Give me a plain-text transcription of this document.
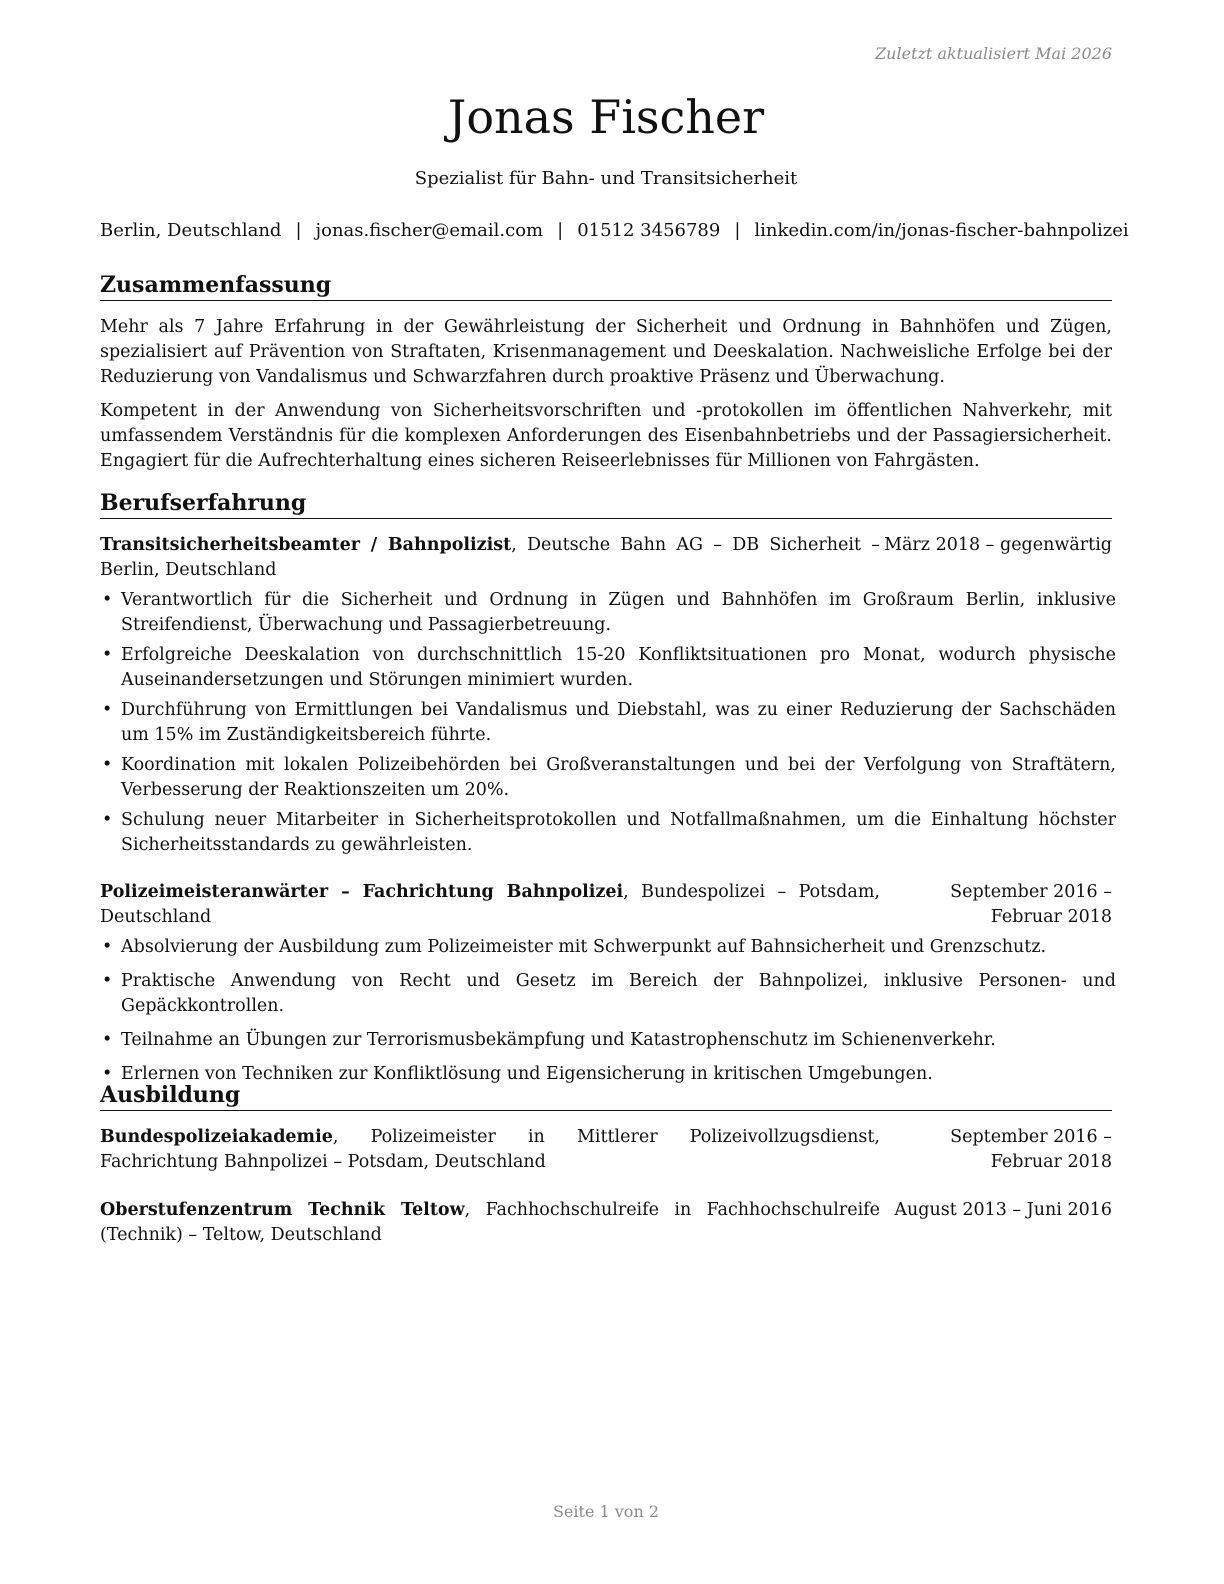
Zuletzt aktualisiert Mai 2026
Jonas Fischer
Spezialist für Bahn- und Transitsicherheit
Berlin, Deutschland | jonas.fischer@email.com | 01512 3456789 | linkedin.com/in/jonas-fischer-bahnpolizei
Zusammenfassung

Mehr als 7 Jahre Erfahrung in der Gewährleistung der Sicherheit und Ordnung in Bahnhöfen und Zügen, spezialisiert auf Prävention von Straftaten, Krisenmanagement und Deeskalation. Nachweisliche Erfolge bei der Reduzierung von Vandalismus und Schwarzfahren durch proaktive Präsenz und Überwachung.

Kompetent in der Anwendung von Sicherheitsvorschriften und -protokollen im öffentlichen Nahverkehr, mit umfassendem Verständnis für die komplexen Anforderungen des Eisenbahnbetriebs und der Passagiersicherheit. Engagiert für die Aufrechterhaltung eines sicheren Reiseerlebnisses für Millionen von Fahrgästen.

Berufserfahrung
Transitsicherheitsbeamter / Bahnpolizist, Deutsche Bahn AG – DB Sicherheit – Berlin, Deutschland
März 2018 – gegenwärtig
• Verantwortlich für die Sicherheit und Ordnung in Zügen und Bahnhöfen im Großraum Berlin, inklusive Streifendienst, Überwachung und Passagierbetreuung.
• Erfolgreiche Deeskalation von durchschnittlich 15-20 Konfliktsituationen pro Monat, wodurch physische Auseinandersetzungen und Störungen minimiert wurden.
• Durchführung von Ermittlungen bei Vandalismus und Diebstahl, was zu einer Reduzierung der Sachschäden um 15% im Zuständigkeitsbereich führte.
• Koordination mit lokalen Polizeibehörden bei Großveranstaltungen und bei der Verfolgung von Straftätern, Verbesserung der Reaktionszeiten um 20%.
• Schulung neuer Mitarbeiter in Sicherheitsprotokollen und Notfallmaßnahmen, um die Einhaltung höchster Sicherheitsstandards zu gewährleisten.
Polizeimeisteranwärter – Fachrichtung Bahnpolizei, Bundespolizei – Potsdam, Deutschland
September 2016 – Februar 2018
• Absolvierung der Ausbildung zum Polizeimeister mit Schwerpunkt auf Bahnsicherheit und Grenzschutz.
• Praktische Anwendung von Recht und Gesetz im Bereich der Bahnpolizei, inklusive Personen- und Gepäckkontrollen.
• Teilnahme an Übungen zur Terrorismusbekämpfung und Katastrophenschutz im Schienenverkehr.
• Erlernen von Techniken zur Konfliktlösung und Eigensicherung in kritischen Umgebungen.
Ausbildung
Bundespolizeiakademie, Polizeimeister in Mittlerer Polizeivollzugsdienst, Fachrichtung Bahnpolizei – Potsdam, Deutschland
September 2016 – Februar 2018
Oberstufenzentrum Technik Teltow, Fachhochschulreife in Fachhochschulreife (Technik) – Teltow, Deutschland
August 2013 – Juni 2016
Seite 1 von 2
